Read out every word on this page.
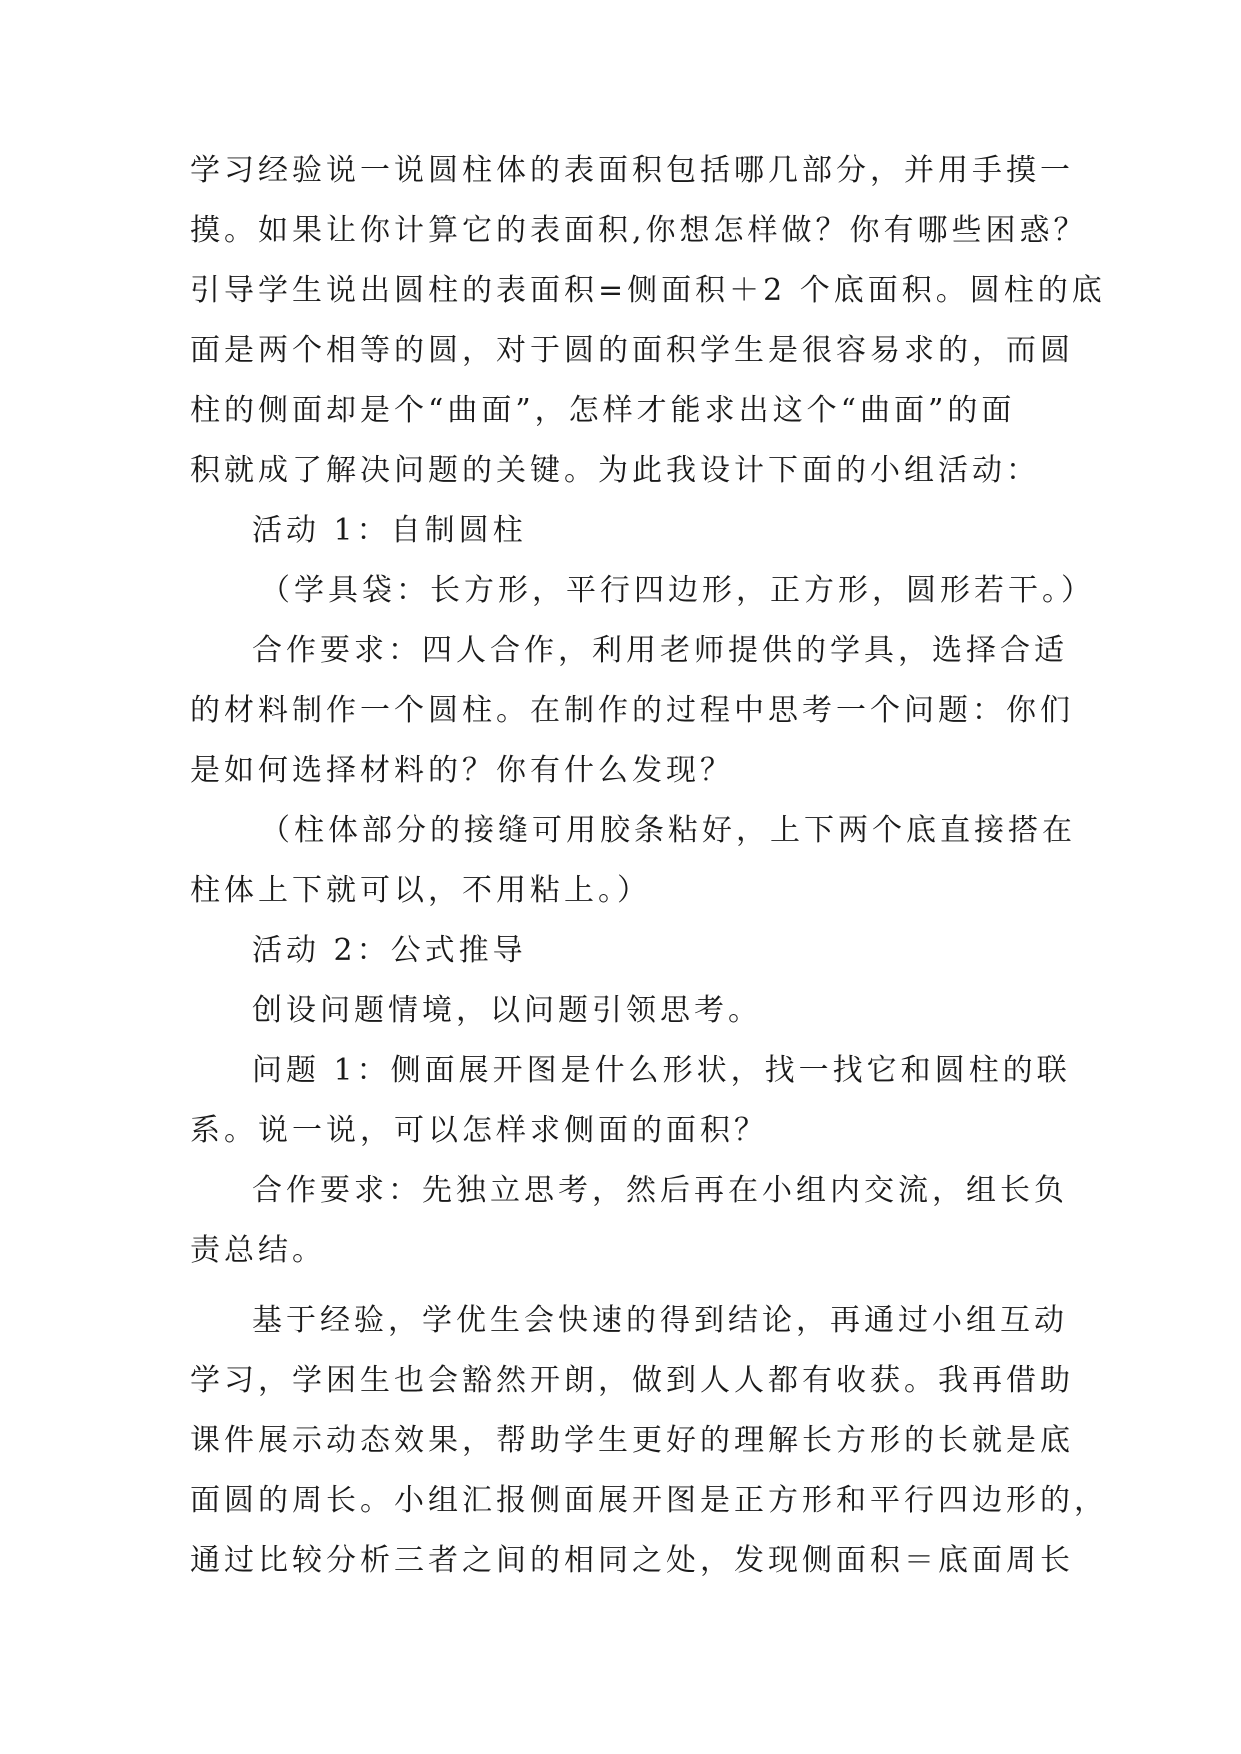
学习经验说一说圆柱体的表面积包括哪几部分，并用手摸一
摸。如果让你计算它的表面积,你想怎样做？你有哪些困惑？
引导学生说出圆柱的表面积=侧面积＋2 个底面积。圆柱的底
面是两个相等的圆，对于圆的面积学生是很容易求的，而圆
柱的侧面却是个“曲面”，怎样才能求出这个“曲面”的面
积就成了解决问题的关键。为此我设计下面的小组活动：
活动 1：自制圆柱
（学具袋：长方形，平行四边形，正方形，圆形若干。）
合作要求：四人合作，利用老师提供的学具，选择合适
的材料制作一个圆柱。在制作的过程中思考一个问题：你们
是如何选择材料的？你有什么发现？
（柱体部分的接缝可用胶条粘好，上下两个底直接搭在
柱体上下就可以，不用粘上。）
活动 2：公式推导
创设问题情境，以问题引领思考。
问题 1：侧面展开图是什么形状，找一找它和圆柱的联
系。说一说，可以怎样求侧面的面积？
合作要求：先独立思考，然后再在小组内交流，组长负
责总结。
基于经验，学优生会快速的得到结论，再通过小组互动
学习，学困生也会豁然开朗，做到人人都有收获。我再借助
课件展示动态效果，帮助学生更好的理解长方形的长就是底
面圆的周长。小组汇报侧面展开图是正方形和平行四边形的，
通过比较分析三者之间的相同之处，发现侧面积＝底面周长
